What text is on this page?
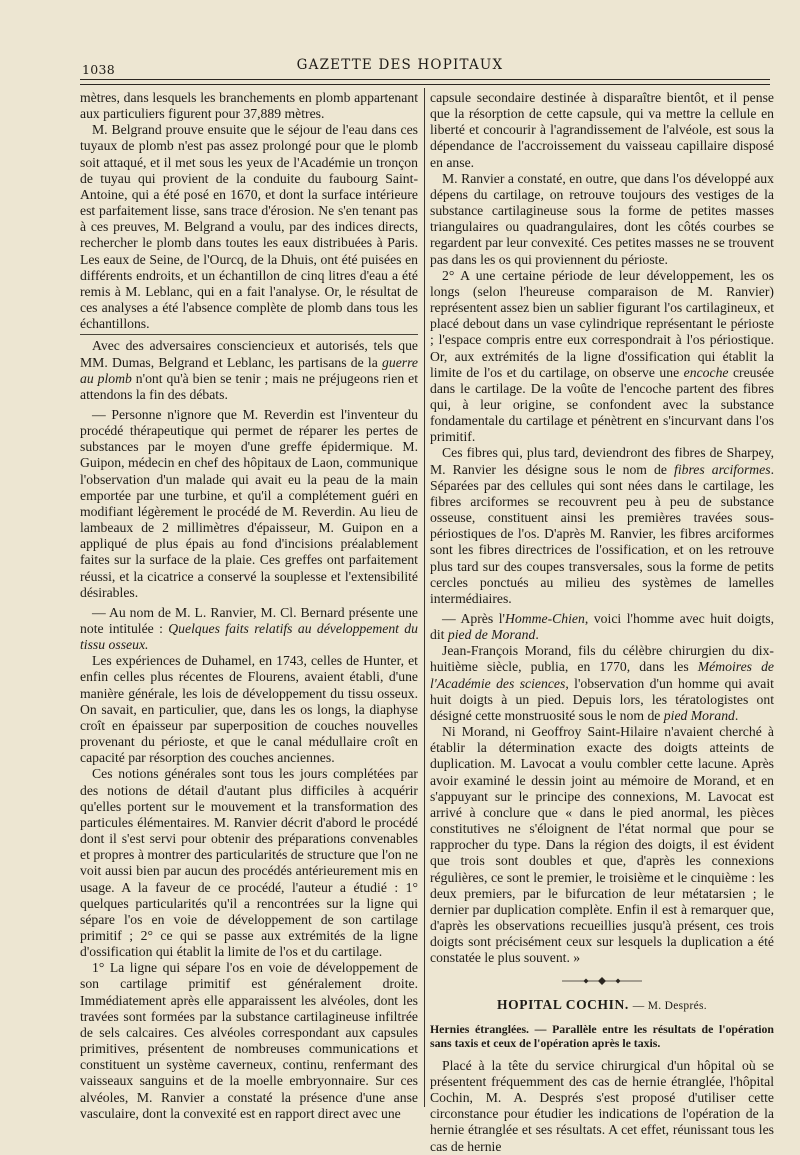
1038	GAZETTE DES HOPITAUX

mètres, dans lesquels les branchements en plomb appartenant aux particuliers figurent pour 37,889 mètres.

M. Belgrand prouve ensuite que le séjour de l'eau dans ces tuyaux de plomb n'est pas assez prolongé pour que le plomb soit attaqué, et il met sous les yeux de l'Académie un tronçon de tuyau qui provient de la conduite du faubourg Saint-Antoine, qui a été posé en 1670, et dont la surface intérieure est parfaitement lisse, sans trace d'érosion. Ne s'en tenant pas à ces preuves, M. Belgrand a voulu, par des indices directs, rechercher le plomb dans toutes les eaux distribuées à Paris. Les eaux de Seine, de l'Ourcq, de la Dhuis, ont été puisées en différents endroits, et un échantillon de cinq litres d'eau a été remis à M. Leblanc, qui en a fait l'analyse. Or, le résultat de ces analyses a été l'absence complète de plomb dans tous les échantillons.

Avec des adversaires consciencieux et autorisés, tels que MM. Dumas, Belgrand et Leblanc, les partisans de la guerre au plomb n'ont qu'à bien se tenir ; mais ne préjugeons rien et attendons la fin des débats.

— Personne n'ignore que M. Reverdin est l'inventeur du procédé thérapeutique qui permet de réparer les pertes de substances par le moyen d'une greffe épidermique. M. Guipon, médecin en chef des hôpitaux de Laon, communique l'observation d'un malade qui avait eu la peau de la main emportée par une turbine, et qu'il a complétement guéri en modifiant légèrement le procédé de M. Reverdin. Au lieu de lambeaux de 2 millimètres d'épaisseur, M. Guipon en a appliqué de plus épais au fond d'incisions préalablement faites sur la surface de la plaie. Ces greffes ont parfaitement réussi, et la cicatrice a conservé la souplesse et l'extensibilité désirables.

— Au nom de M. L. Ranvier, M. Cl. Bernard présente une note intitulée : Quelques faits relatifs au développement du tissu osseux.

Les expériences de Duhamel, en 1743, celles de Hunter, et enfin celles plus récentes de Flourens, avaient établi, d'une manière générale, les lois de développement du tissu osseux. On savait, en particulier, que, dans les os longs, la diaphyse croît en épaisseur par superposition de couches nouvelles provenant du périoste, et que le canal médullaire croît en capacité par résorption des couches anciennes.

Ces notions générales sont tous les jours complétées par des notions de détail d'autant plus difficiles à acquérir qu'elles portent sur le mouvement et la transformation des particules élémentaires. M. Ranvier décrit d'abord le procédé dont il s'est servi pour obtenir des préparations convenables et propres à montrer des particularités de structure que l'on ne voit aussi bien par aucun des procédés antérieurement mis en usage. A la faveur de ce procédé, l'auteur a étudié : 1° quelques particularités qu'il a rencontrées sur la ligne qui sépare l'os en voie de développement de son cartilage primitif ; 2° ce qui se passe aux extrémités de la ligne d'ossification qui établit la limite de l'os et du cartilage.

1° La ligne qui sépare l'os en voie de développement de son cartilage primitif est généralement droite. Immédiatement après elle apparaissent les alvéoles, dont les travées sont formées par la substance cartilagineuse infiltrée de sels calcaires. Ces alvéoles correspondant aux capsules primitives, présentent de nombreuses communications et constituent un système caverneux, continu, renfermant des vaisseaux sanguins et de la moelle embryonnaire. Sur ces alvéoles, M. Ranvier a constaté la présence d'une anse vasculaire, dont la convexité est en rapport direct avec une

capsule secondaire destinée à disparaître bientôt, et il pense que la résorption de cette capsule, qui va mettre la cellule en liberté et concourir à l'agrandissement de l'alvéole, est sous la dépendance de l'accroissement du vaisseau capillaire disposé en anse.

M. Ranvier a constaté, en outre, que dans l'os développé aux dépens du cartilage, on retrouve toujours des vestiges de la substance cartilagineuse sous la forme de petites masses triangulaires ou quadrangulaires, dont les côtés courbes se regardent par leur convexité. Ces petites masses ne se trouvent pas dans les os qui proviennent du périoste.

2° A une certaine période de leur développement, les os longs (selon l'heureuse comparaison de M. Ranvier) représentent assez bien un sablier figurant l'os cartilagineux, et placé debout dans un vase cylindrique représentant le périoste ; l'espace compris entre eux correspondrait à l'os périostique. Or, aux extrémités de la ligne d'ossification qui établit la limite de l'os et du cartilage, on observe une encoche creusée dans le cartilage. De la voûte de l'encoche partent des fibres qui, à leur origine, se confondent avec la substance fondamentale du cartilage et pénètrent en s'incurvant dans l'os primitif.

Ces fibres qui, plus tard, deviendront des fibres de Sharpey, M. Ranvier les désigne sous le nom de fibres arciformes. Séparées par des cellules qui sont nées dans le cartilage, les fibres arciformes se recouvrent peu à peu de substance osseuse, constituent ainsi les premières travées sous-périostiques de l'os. D'après M. Ranvier, les fibres arciformes sont les fibres directrices de l'ossification, et on les retrouve plus tard sur des coupes transversales, sous la forme de petits cercles ponctués au milieu des systèmes de lamelles intermédiaires.

— Après l'Homme-Chien, voici l'homme avec huit doigts, dit pied de Morand.

Jean-François Morand, fils du célèbre chirurgien du dix-huitième siècle, publia, en 1770, dans les Mémoires de l'Académie des sciences, l'observation d'un homme qui avait huit doigts à un pied. Depuis lors, les tératologistes ont désigné cette monstruosité sous le nom de pied Morand.

Ni Morand, ni Geoffroy Saint-Hilaire n'avaient cherché à établir la détermination exacte des doigts atteints de duplication. M. Lavocat a voulu combler cette lacune. Après avoir examiné le dessin joint au mémoire de Morand, et en s'appuyant sur le principe des connexions, M. Lavocat est arrivé à conclure que « dans le pied anormal, les pièces constitutives ne s'éloignent de l'état normal que pour se rapprocher du type. Dans la région des doigts, il est évident que trois sont doubles et que, d'après les connexions régulières, ce sont le premier, le troisième et le cinquième : les deux premiers, par le bifurcation de leur métatarsien ; le dernier par duplication complète. Enfin il est à remarquer que, d'après les observations recueillies jusqu'à présent, ces trois doigts sont précisément ceux sur lesquels la duplication a été constatée le plus souvent. »

HOPITAL COCHIN. — M. Després.

Hernies étranglées. — Parallèle entre les résultats de l'opération sans taxis et ceux de l'opération après le taxis.

Placé à la tête du service chirurgical d'un hôpital où se présentent fréquemment des cas de hernie étranglée, l'hôpital Cochin, M. A. Després s'est proposé d'utiliser cette circonstance pour étudier les indications de l'opération de la hernie étranglée et ses résultats. A cet effet, réunissant tous les cas de hernie
